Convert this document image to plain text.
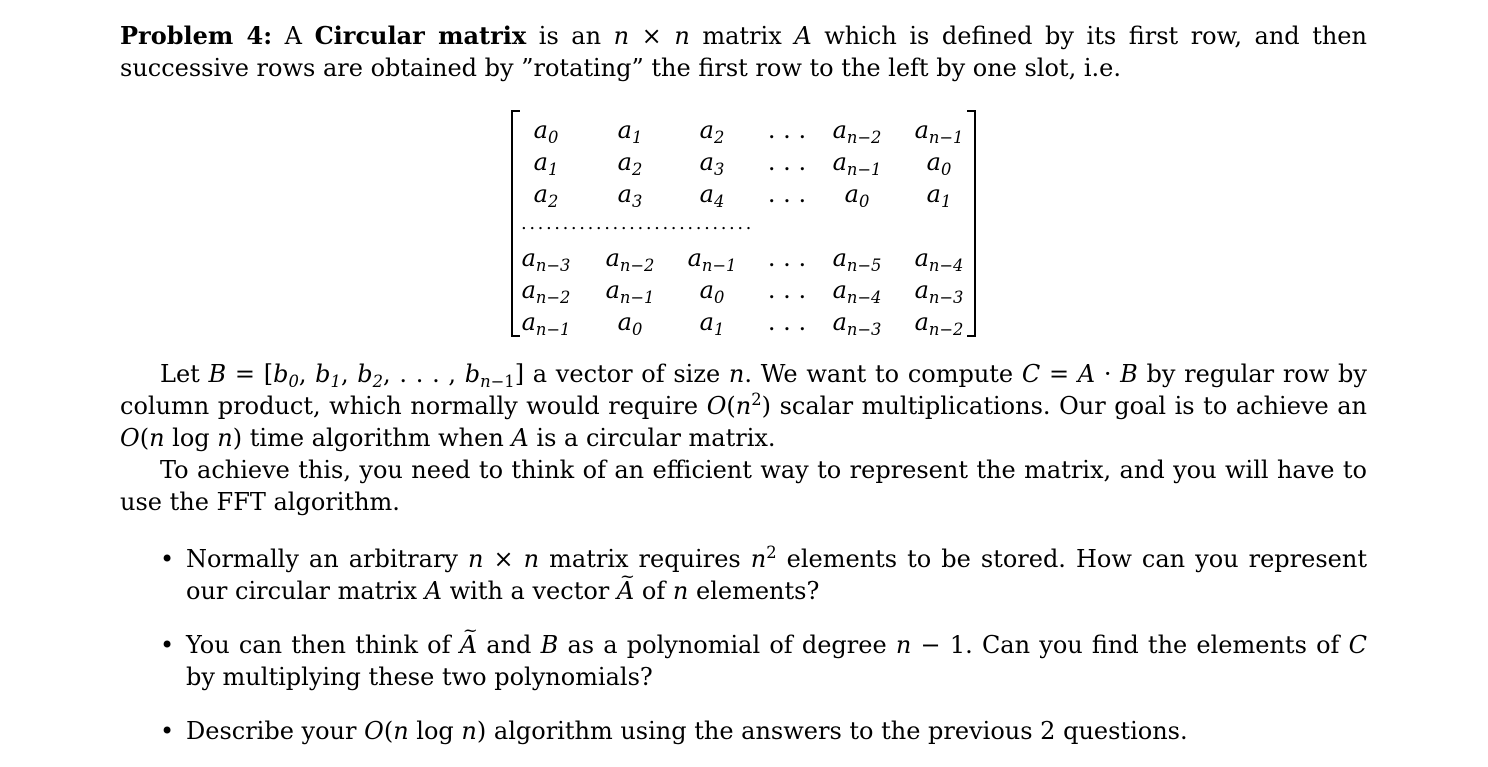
Problem 4: A Circular matrix is an n × n matrix A which is defined by its first row, and then successive rows are obtained by ”rotating” the first row to the left by one slot, i.e.

............................
$a_0$	$a_1$	$a_2$	. . .	$a_{n-2}$	$a_{n-1}$
$a_1$	$a_2$	$a_3$	. . .	$a_{n-1}$	$a_0$
$a_2$	$a_3$	$a_4$	. . .	$a_0$	$a_1$
$a_{n-3}$	$a_{n-2}$	$a_{n-1}$	. . .	$a_{n-5}$	$a_{n-4}$
$a_{n-2}$	$a_{n-1}$	$a_0$	. . .	$a_{n-4}$	$a_{n-3}$
$a_{n-1}$	$a_0$	$a_1$	. . .	$a_{n-3}$	$a_{n-2}$

Let $B = [b_0$, $b_1$, $b_2$, . . . , $b_{n-1}$] a vector of size n. We want to compute C = A · B by regular row by column product, which normally would require $O(n^2)$ scalar multiplications. Our goal is to achieve an O(n log n) time algorithm when A is a circular matrix.

To achieve this, you need to think of an efficient way to represent the matrix, and you will have to use the FFT algorithm.

• Normally an arbitrary n × n matrix requires $n^2$ elements to be stored. How can you represent our circular matrix A with a vector ~ A of n elements?
• You can then think of ~ A and B as a polynomial of degree n − 1. Can you find the elements of C by multiplying these two polynomials?
• Describe your O(n log n) algorithm using the answers to the previous 2 questions.
